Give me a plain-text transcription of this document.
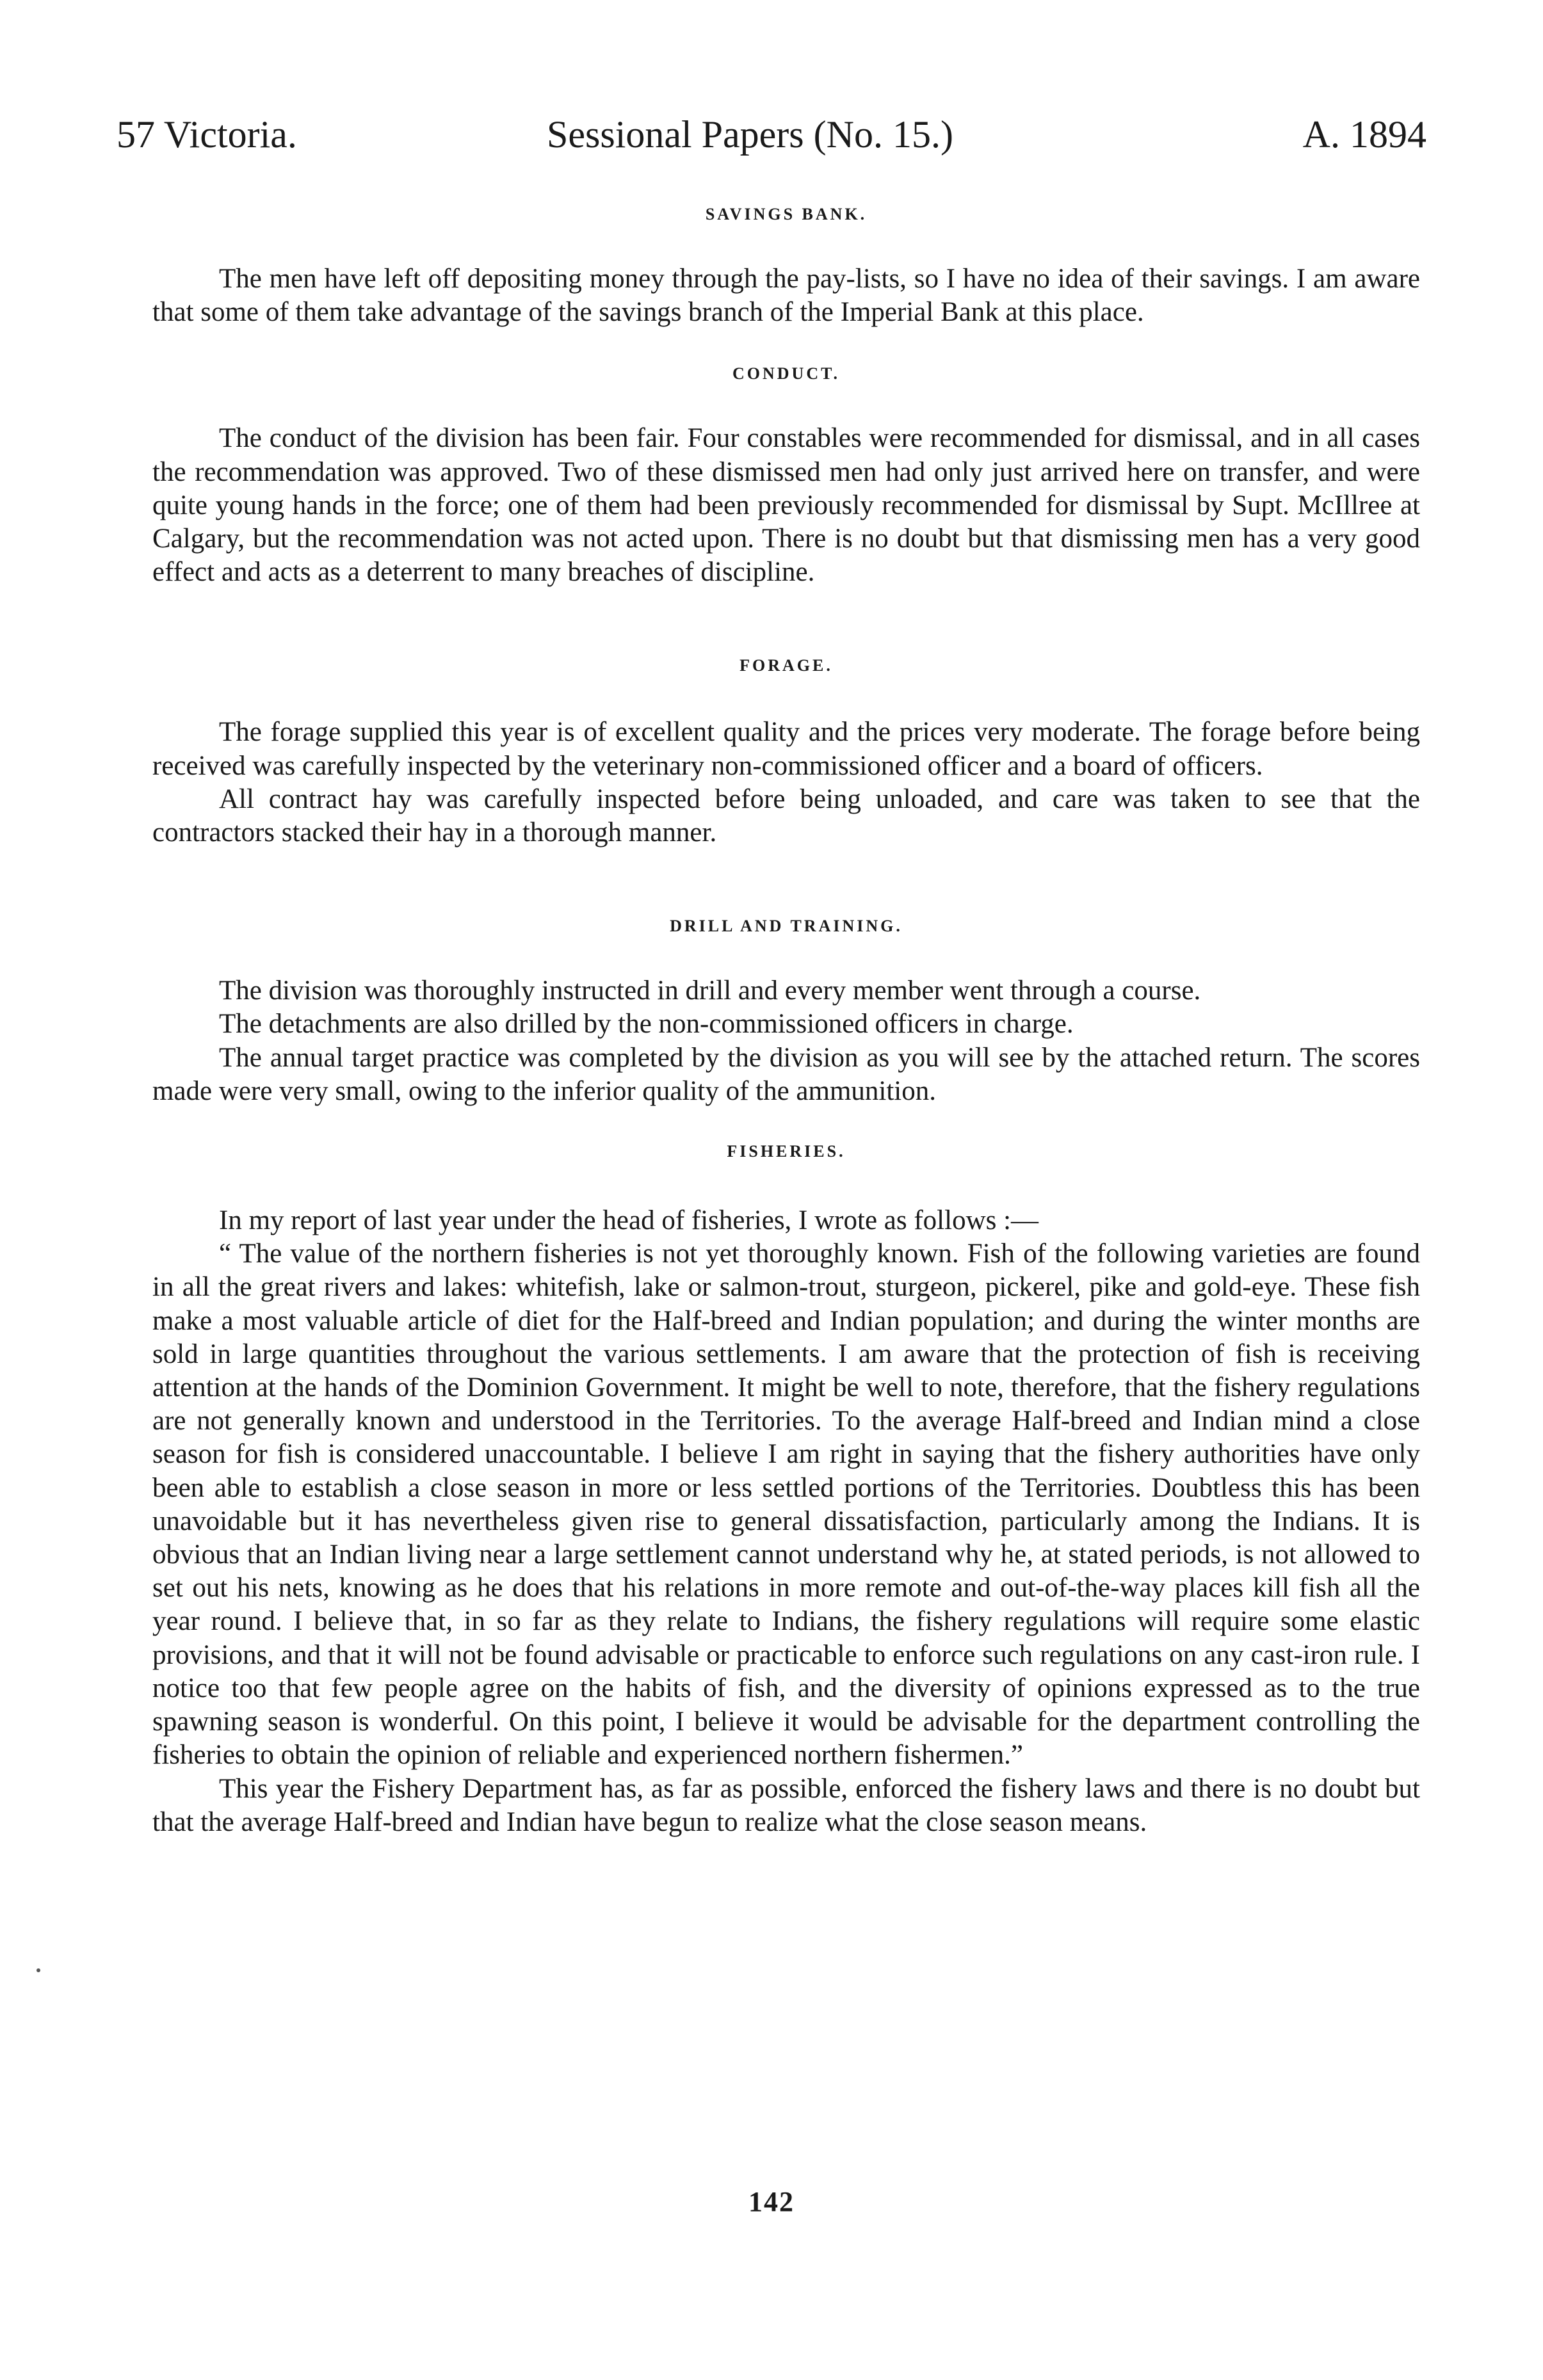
57 Victoria.	Sessional Papers (No. 15.)	A. 1894
SAVINGS BANK.

The men have left off depositing money through the pay-lists, so I have no idea of their savings. I am aware that some of them take advantage of the savings branch of the Imperial Bank at this place.

CONDUCT.

The conduct of the division has been fair. Four constables were recommended for dismissal, and in all cases the recommendation was approved. Two of these dismissed men had only just arrived here on transfer, and were quite young hands in the force; one of them had been previously recommended for dismissal by Supt. McIllree at Calgary, but the recommendation was not acted upon. There is no doubt but that dismissing men has a very good effect and acts as a deterrent to many breaches of discipline.

FORAGE.

The forage supplied this year is of excellent quality and the prices very moderate. The forage before being received was carefully inspected by the veterinary non-commissioned officer and a board of officers.

All contract hay was carefully inspected before being unloaded, and care was taken to see that the contractors stacked their hay in a thorough manner.

DRILL AND TRAINING.

The division was thoroughly instructed in drill and every member went through a course.

The detachments are also drilled by the non-commissioned officers in charge.

The annual target practice was completed by the division as you will see by the attached return. The scores made were very small, owing to the inferior quality of the ammunition.

FISHERIES.

In my report of last year under the head of fisheries, I wrote as follows :—

“ The value of the northern fisheries is not yet thoroughly known. Fish of the following varieties are found in all the great rivers and lakes: whitefish, lake or salmon-trout, sturgeon, pickerel, pike and gold-eye. These fish make a most valuable article of diet for the Half-breed and Indian population; and during the winter months are sold in large quantities throughout the various settlements. I am aware that the protection of fish is receiving attention at the hands of the Dominion Government. It might be well to note, therefore, that the fishery regulations are not generally known and understood in the Territories. To the average Half-breed and Indian mind a close season for fish is considered unaccountable. I believe I am right in saying that the fishery authorities have only been able to establish a close season in more or less settled portions of the Territories. Doubtless this has been unavoidable but it has nevertheless given rise to general dissatisfaction, particularly among the Indians. It is obvious that an Indian living near a large settlement cannot understand why he, at stated periods, is not allowed to set out his nets, knowing as he does that his relations in more remote and out-of-the-way places kill fish all the year round. I believe that, in so far as they relate to Indians, the fishery regulations will require some elastic provisions, and that it will not be found advisable or practicable to enforce such regulations on any cast-iron rule. I notice too that few people agree on the habits of fish, and the diversity of opinions expressed as to the true spawning season is wonderful. On this point, I believe it would be advisable for the department controlling the fisheries to obtain the opinion of reliable and experienced northern fishermen.”

This year the Fishery Department has, as far as possible, enforced the fishery laws and there is no doubt but that the average Half-breed and Indian have begun to realize what the close season means.

142
